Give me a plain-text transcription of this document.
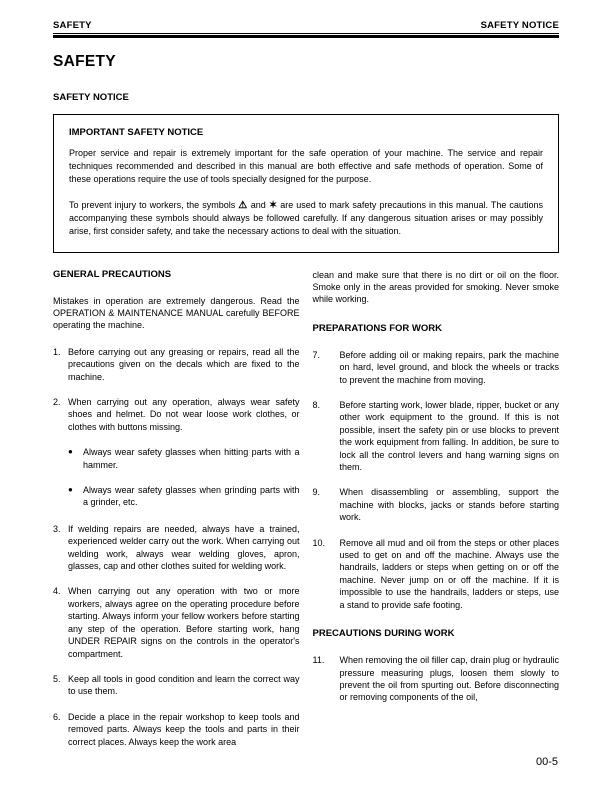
SAFETY	SAFETY NOTICE
SAFETY
SAFETY NOTICE
IMPORTANT SAFETY NOTICE

Proper service and repair is extremely important for the safe operation of your machine. The service and repair techniques recommended and described in this manual are both effective and safe methods of operation. Some of these operations require the use of tools specially designed for the purpose.

To prevent injury to workers, the symbols ⚠ and ✶ are used to mark safety precautions in this manual. The cautions accompanying these symbols should always be followed carefully. If any dangerous situation arises or may possibly arise, first consider safety, and take the necessary actions to deal with the situation.

GENERAL PRECAUTIONS

Mistakes in operation are extremely dangerous. Read the OPERATION & MAINTENANCE MANUAL carefully BEFORE operating the machine.

1. Before carrying out any greasing or repairs, read all the precautions given on the decals which are fixed to the machine.
2. When carrying out any operation, always wear safety shoes and helmet. Do not wear loose work clothes, or clothes with buttons missing.
●	Always wear safety glasses when hitting parts with a hammer.
●	Always wear safety glasses when grinding parts with a grinder, etc.
3. If welding repairs are needed, always have a trained, experienced welder carry out the work. When carrying out welding work, always wear welding gloves, apron, glasses, cap and other clothes suited for welding work.
4. When carrying out any operation with two or more workers, always agree on the operating procedure before starting. Always inform your fellow workers before starting any step of the operation. Before starting work, hang UNDER REPAIR signs on the controls in the operator's compartment.
5. Keep all tools in good condition and learn the correct way to use them.
6. Decide a place in the repair workshop to keep tools and removed parts. Always keep the tools and parts in their correct places. Always keep the work area

clean and make sure that there is no dirt or oil on the floor. Smoke only in the areas provided for smoking. Never smoke while working.

PREPARATIONS FOR WORK
7.	Before adding oil or making repairs, park the machine on hard, level ground, and block the wheels or tracks to prevent the machine from moving.
8.	Before starting work, lower blade, ripper, bucket or any other work equipment to the ground. If this is not possible, insert the safety pin or use blocks to prevent the work equipment from falling. In addition, be sure to lock all the control levers and hang warning signs on them.
9.	When disassembling or assembling, support the machine with blocks, jacks or stands before starting work.
10.	Remove all mud and oil from the steps or other places used to get on and off the machine. Always use the handrails, ladders or steps when getting on or off the machine. Never jump on or off the machine. If it is impossible to use the handrails, ladders or steps, use a stand to provide safe footing.
PRECAUTIONS DURING WORK
11.	When removing the oil filler cap, drain plug or hydraulic pressure measuring plugs, loosen them slowly to prevent the oil from spurting out. Before disconnecting or removing components of the oil,
00-5
